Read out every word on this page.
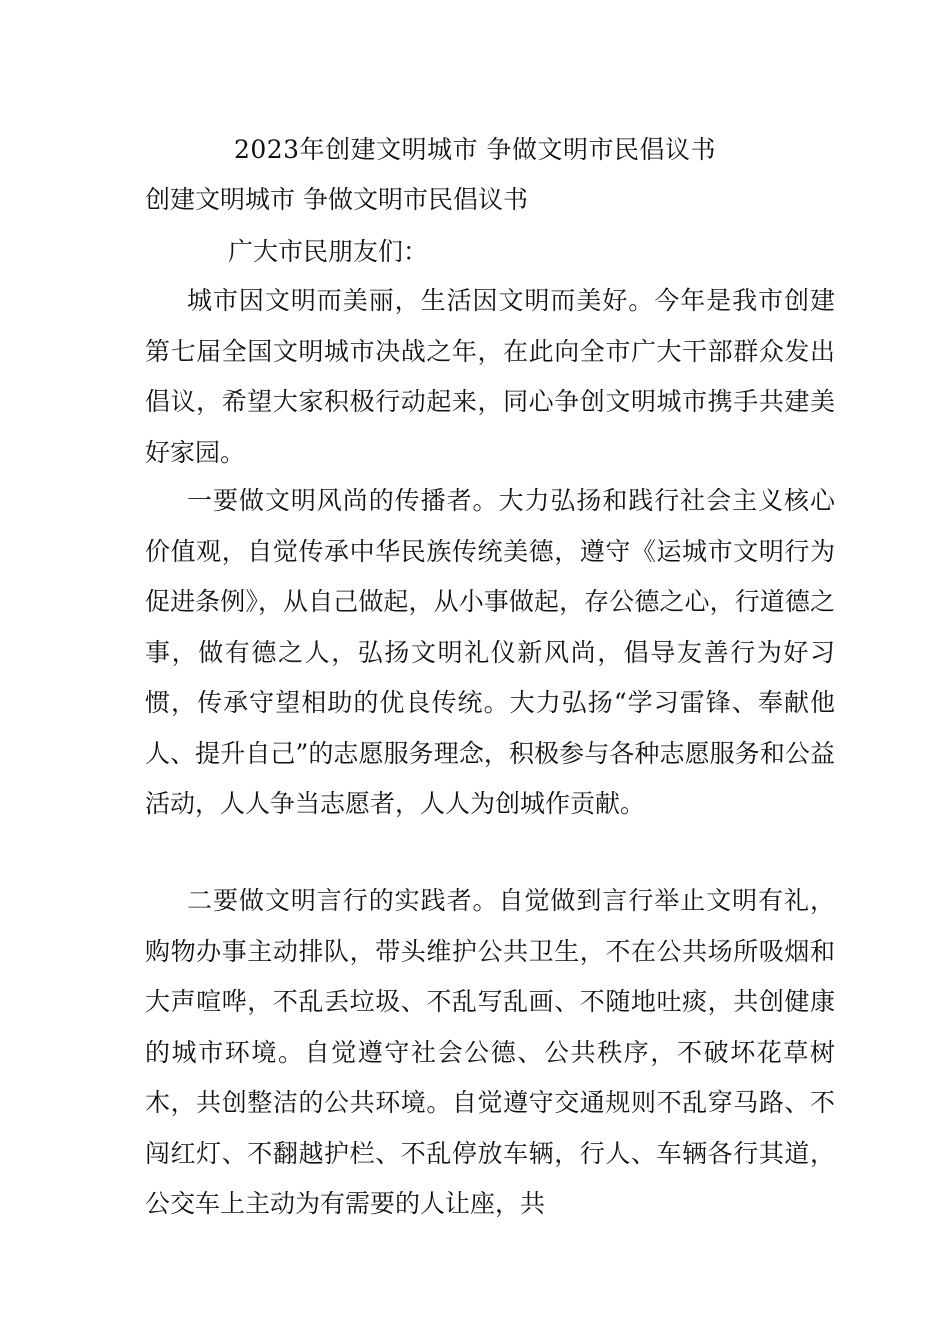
2023年创建文明城市 争做文明市民倡议书
创建文明城市 争做文明市民倡议书
广大市民朋友们：

城市因文明而美丽，生活因文明而美好。今年是我市创建第七届全国文明城市决战之年，在此向全市广大干部群众发出倡议，希望大家积极行动起来，同心争创文明城市携手共建美好家园。

一要做文明风尚的传播者。大力弘扬和践行社会主义核心价值观，自觉传承中华民族传统美德，遵守《运城市文明行为促进条例》，从自己做起，从小事做起，存公德之心，行道德之事，做有德之人，弘扬文明礼仪新风尚，倡导友善行为好习惯，传承守望相助的优良传统。大力弘扬“学习雷锋、奉献他人、提升自己”的志愿服务理念，积极参与各种志愿服务和公益活动，人人争当志愿者，人人为创城作贡献。

二要做文明言行的实践者。自觉做到言行举止文明有礼，购物办事主动排队，带头维护公共卫生，不在公共场所吸烟和大声喧哗，不乱丢垃圾、不乱写乱画、不随地吐痰，共创健康的城市环境。自觉遵守社会公德、公共秩序，不破坏花草树木，共创整洁的公共环境。自觉遵守交通规则不乱穿马路、不闯红灯、不翻越护栏、不乱停放车辆，行人、车辆各行其道，公交车上主动为有需要的人让座，共
